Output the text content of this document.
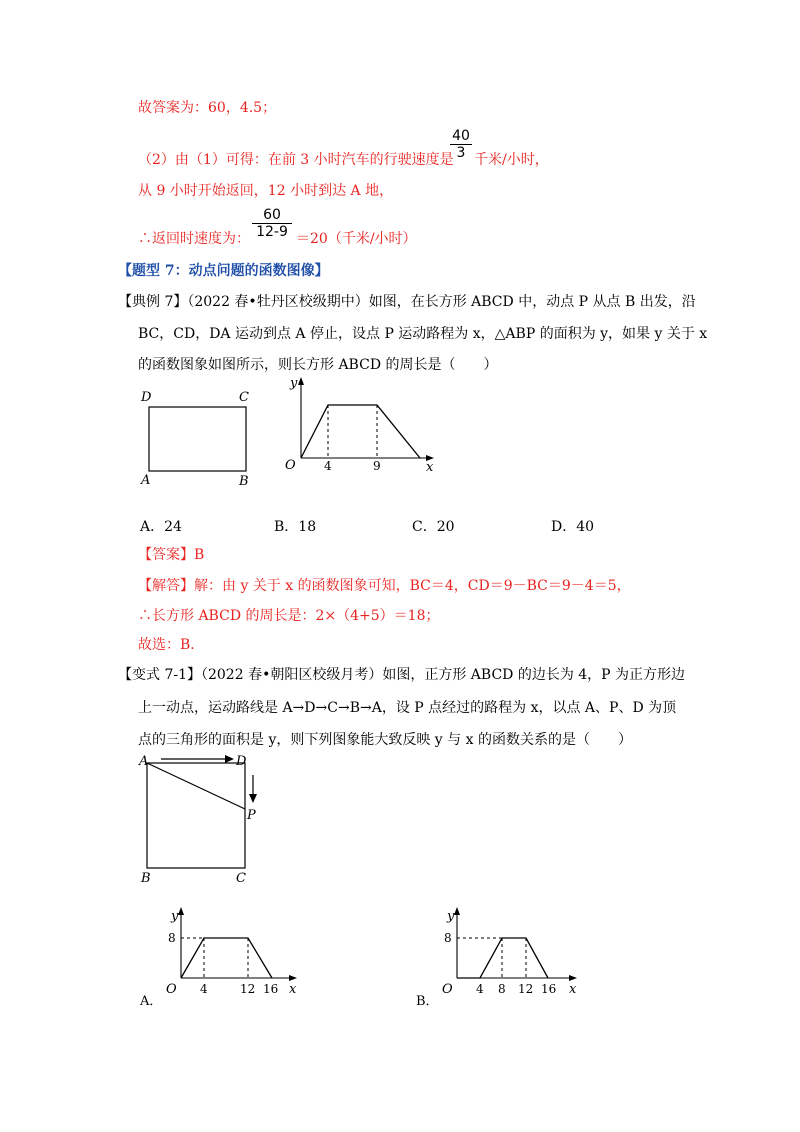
故答案为：60，4.5；
（2）由（1）可得：在前 3 小时汽车的行驶速度是
40
3 千米/小时，
从 9 小时开始返回，12 小时到达 A 地，
∴返回时速度为：
60
12-9 ＝20（千米/小时）
【题型 7：动点问题的函数图像】
【典例 7】（2022 春•牡丹区校级期中）如图，在长方形 ABCD 中，动点 P 从点 B 出发，沿
BC，CD，DA 运动到点 A 停止，设点 P 运动路程为 x，△ABP 的面积为 y，如果 y 关于 x
的函数图象如图所示，则长方形 ABCD 的周长是（　　）
D	C
A	B
y
O 4	9	x
A．24	B．18	C．20	D．40
【答案】B
【解答】解：由 y 关于 x 的函数图象可知，BC＝4，CD＝9－BC＝9－4＝5，
∴长方形 ABCD 的周长是：2×（4+5）＝18；
故选：B．
【变式 7-1】（2022 春•朝阳区校级月考）如图，正方形 ABCD 的边长为 4，P 为正方形边
上一动点，运动路线是 A→D→C→B→A，设 P 点经过的路程为 x，以点 A、P、D 为顶
点的三角形的面积是 y，则下列图象能大致反映 y 与 x 的函数关系的是（　　）
A	D
P
B	C
y
8
O 4	12 16 x
A．
y
8
O 4 8 12 16 x
B．
